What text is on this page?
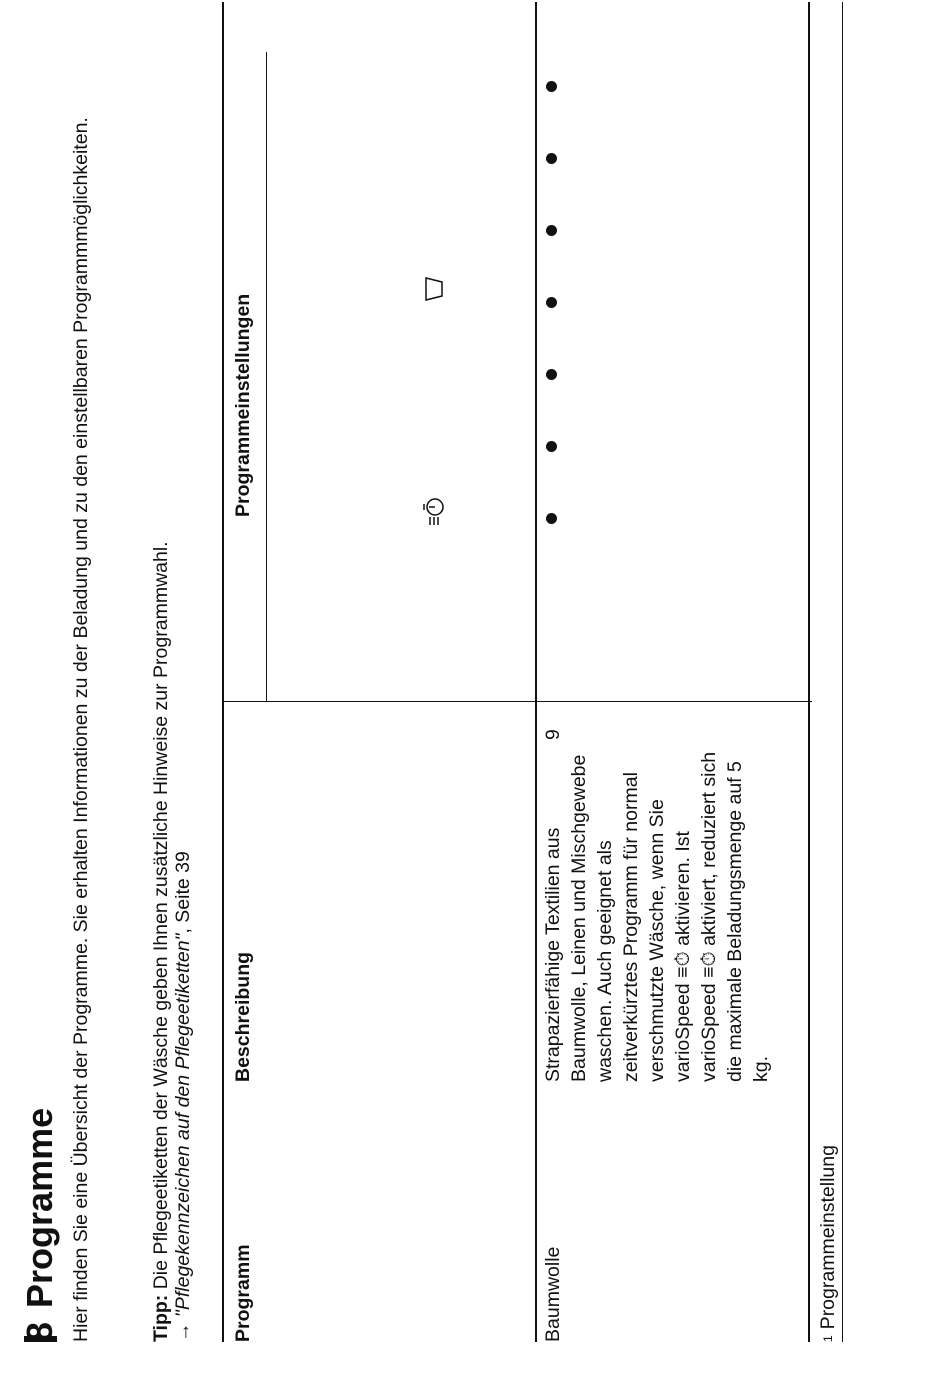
8Programme Hier finden Sie eine Übersicht der Programme. Sie erhalten Informationen zu der Beladung und zu den einstellbaren Programmmöglichkeiten.	Tipp: Die Pflegeetiketten der Wäsche geben Ihnen zusätzliche Hinweise zur Programmwahl.
→ "Pflegekennzeichen auf den Pflegeetiketten", Seite 39

Programm
Beschreibung
Programmeinstellungen
Baumwolle
Strapazierfähige Textilien aus Baumwolle, Leinen und Mischgewebe waschen. Auch geeignet als zeitverkürztes Programm für normal verschmutzte Wäsche, wenn Sie varioSpeed ≡⏱ aktivieren. Ist varioSpeed ≡⏱ aktiviert, reduziert sich die maximale Beladungsmenge auf 5 kg.
9
$^1$Programmeinstellung
